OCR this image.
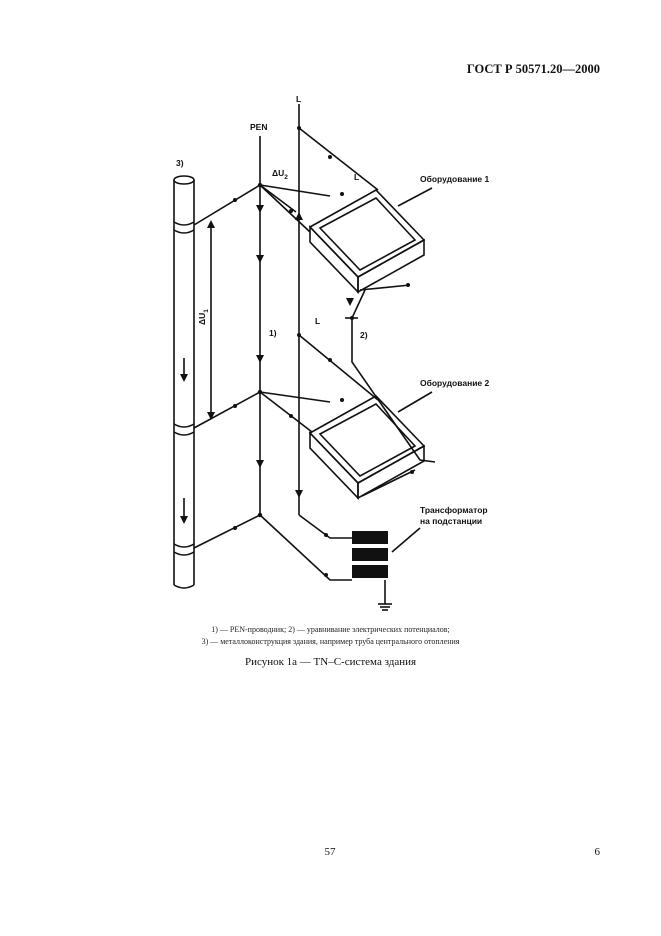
ГОСТ Р 50571.20—2000
L
PEN
3)
$\Delta U_2$
$\Delta U_1$
L	Оборудование 1
1)
L
2)
Оборудование 2
Трансформатор
на подстанции
1) — PEN-проводник; 2) — уравнивание электрических потенциалов;
3) — металлоконструкция здания, например труба центрального отопления
Рисунок 1а — TN–C-система здания
57	6
